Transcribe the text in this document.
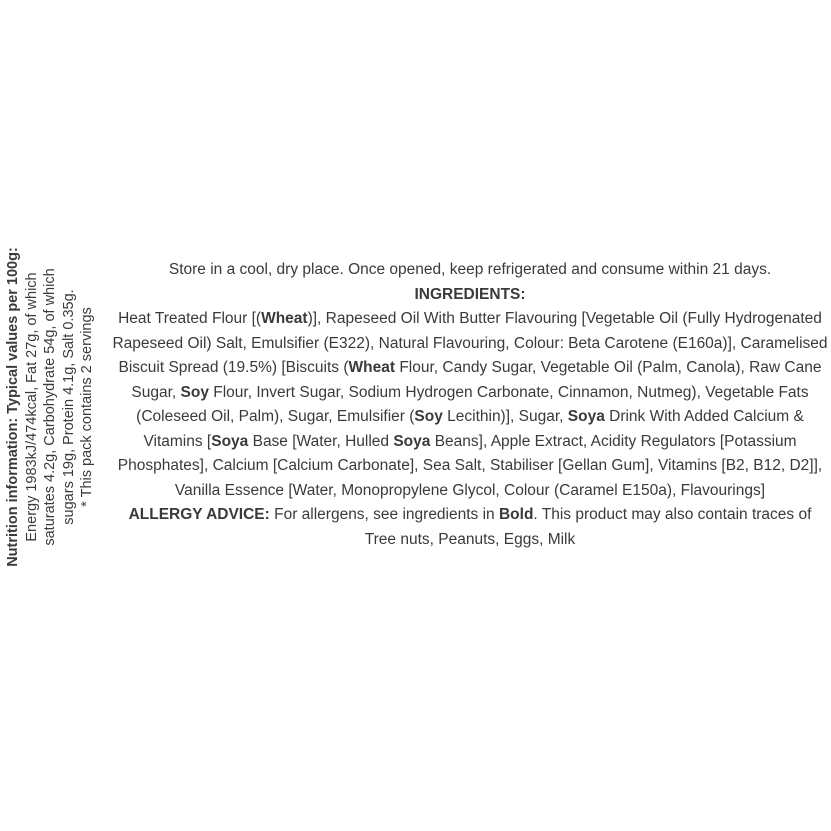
Nutrition information: Typical values per 100g: Energy 1983kJ/474kcal, Fat 27g, of which saturates 4.2g, Carbohydrate 54g, of which sugars 19g, Protein 4.1g, Salt 0.35g. * This pack contains 2 servings

Store in a cool, dry place. Once opened, keep refrigerated and consume within 21 days.

INGREDIENTS:

Heat Treated Flour [(Wheat)], Rapeseed Oil With Butter Flavouring [Vegetable Oil (Fully Hydrogenated Rapeseed Oil) Salt, Emulsifier (E322), Natural Flavouring, Colour: Beta Carotene (E160a)], Caramelised Biscuit Spread (19.5%) [Biscuits (Wheat Flour, Candy Sugar, Vegetable Oil (Palm, Canola), Raw Cane Sugar, Soy Flour, Invert Sugar, Sodium Hydrogen Carbonate, Cinnamon, Nutmeg), Vegetable Fats (Coleseed Oil, Palm), Sugar, Emulsifier (Soy Lecithin)], Sugar, Soya Drink With Added Calcium & Vitamins [Soya Base [Water, Hulled Soya Beans], Apple Extract, Acidity Regulators [Potassium Phosphates], Calcium [Calcium Carbonate], Sea Salt, Stabiliser [Gellan Gum], Vitamins [B2, B12, D2]], Vanilla Essence [Water, Monopropylene Glycol, Colour (Caramel E150a), Flavourings]

ALLERGY ADVICE: For allergens, see ingredients in Bold. This product may also contain traces of Tree nuts, Peanuts, Eggs, Milk
